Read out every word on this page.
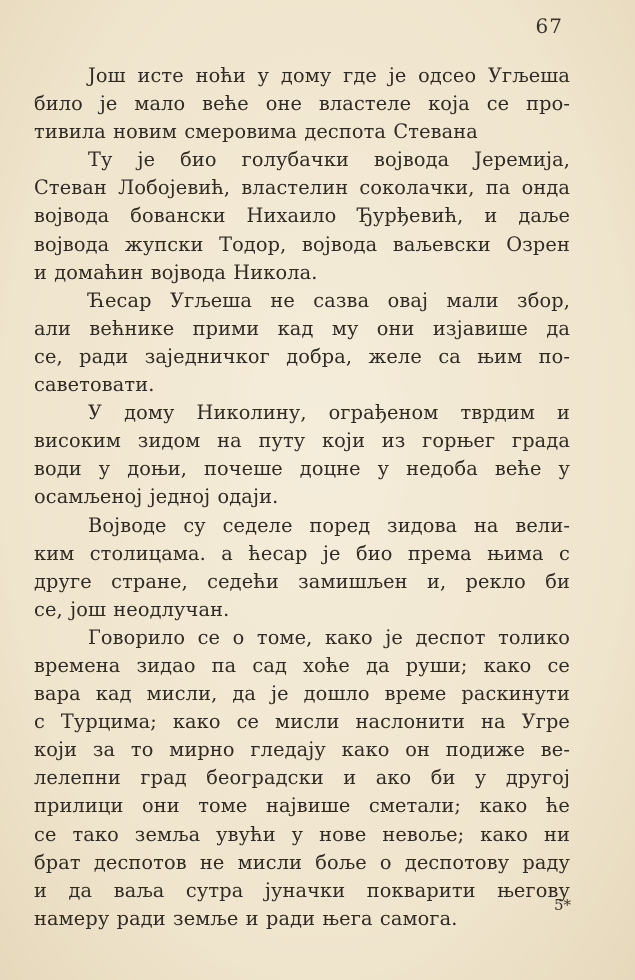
67

Још исте ноћи у дому где је одсео Угљеша
било је мало веће оне властеле која се про-
тивила новим смеровима деспота Стевана

Ту је био голубачки војвода Јеремија,
Стеван Лобојевић, властелин соколачки, па онда
војвода бовански Нихаило Ђурђевић, и даље
војвода жупски Тодор, војвода ваљевски Озрен
и домаћин војвода Никола.

Ћесар Угљеша не сазва овај мали збор,
али већнике прими кад му они изјавише да
се, ради заједничког добра, желе са њим по-
саветовати.

У дому Николину, ограђеном тврдим и
високим зидом на путу који из горњег града
води у доњи, почеше доцне у недоба веће у
осамљеној једној одаји.

Војводе су седеле поред зидова на вели-
ким столицама. а ћесар је био према њима с
друге стране, седећи замишљен и, рекло би
се, још неодлучан.

Говорило се о томе, како је деспот толико
времена зидао па сад хоће да руши; како се
вара кад мисли, да је дошло време раскинути
с Турцима; како се мисли наслонити на Угре
који за то мирно гледају како он подиже ве-
лелепни град београдски и ако би у другој
прилици они томе највише сметали; како ће
се тако земља увући у нове невоље; како ни
брат деспотов не мисли боље о деспотову раду
и да ваља сутра јуначки покварити његову
намеру ради земље и ради њега самога.

5*
